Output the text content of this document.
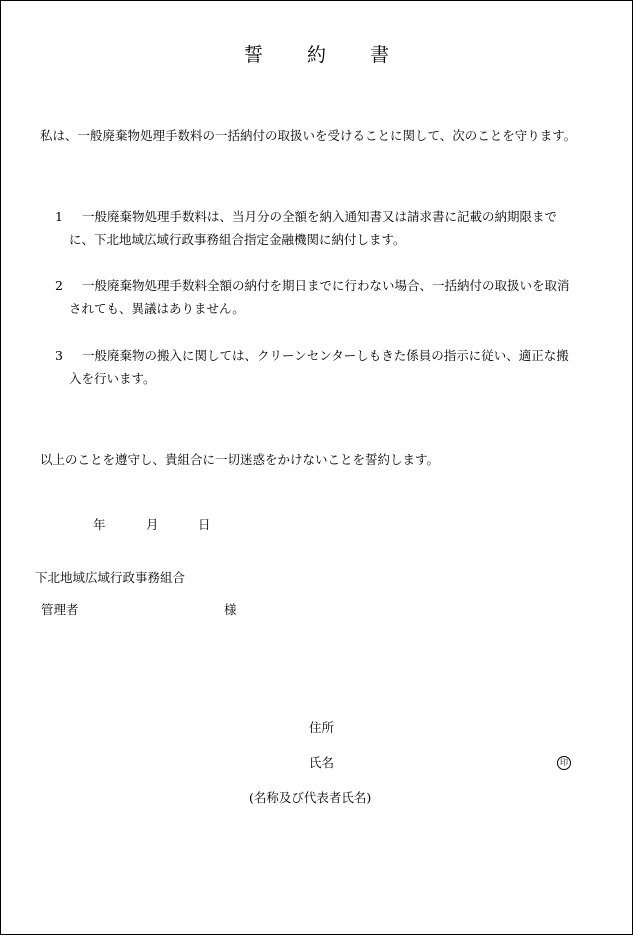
誓 約 書
私は、一般廃棄物処理手数料の一括納付の取扱いを受けることに関して、次のことを守ります。
1	一般廃棄物処理手数料は、当月分の全額を納入通知書又は請求書に記載の納期限まで
に、下北地域広域行政事務組合指定金融機関に納付します。
2	一般廃棄物処理手数料全額の納付を期日までに行わない場合、一括納付の取扱いを取消
されても、異議はありません。
3	一般廃棄物の搬入に関しては、クリーンセンターしもきた係員の指示に従い、適正な搬
入を行います。
以上のことを遵守し、貴組合に一切迷惑をかけないことを誓約します。
年	月	日
下北地域広域行政事務組合
管理者	様
住所
氏名	印
(名称及び代表者氏名)
